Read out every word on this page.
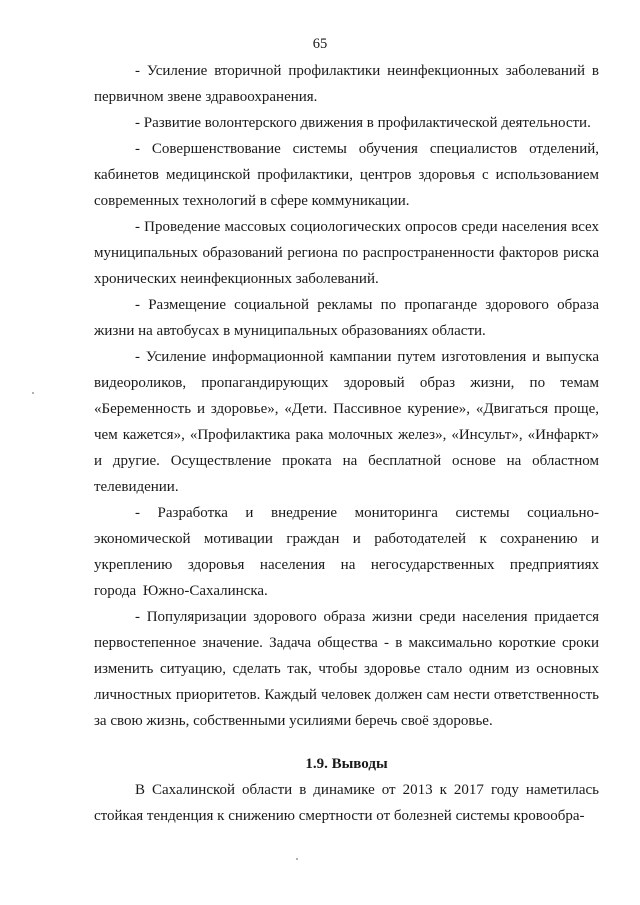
65

- Усиление вторичной профилактики неинфекционных заболеваний в первичном звене здравоохранения.

- Развитие волонтерского движения в профилактической деятельности.

- Совершенствование системы обучения специалистов отделений, кабинетов медицинской профилактики, центров здоровья с использованием современных технологий в сфере коммуникации.

- Проведение массовых социологических опросов среди населения всех муниципальных образований региона по распространенности факторов риска хронических неинфекционных заболеваний.

- Размещение социальной рекламы по пропаганде здорового образа жизни на автобусах в муниципальных образованиях области.

- Усиление информационной кампании путем изготовления и выпуска видеороликов, пропагандирующих здоровый образ жизни, по темам «Беременность и здоровье», «Дети. Пассивное курение», «Двигаться проще, чем кажется», «Профилактика рака молочных желез», «Инсульт», «Инфаркт» и другие. Осуществление проката на бесплатной основе на областном телевидении.

- Разработка и внедрение мониторинга системы социально-экономической мотивации граждан и работодателей к сохранению и укреплению здоровья населения на негосударственных предприятиях города Южно-Сахалинска.

- Популяризации здорового образа жизни среди населения придается первостепенное значение. Задача общества - в максимально короткие сроки изменить ситуацию, сделать так, чтобы здоровье стало одним из основных личностных приоритетов. Каждый человек должен сам нести ответственность за свою жизнь, собственными усилиями беречь своё здоровье.

1.9. Выводы

В Сахалинской области в динамике от 2013 к 2017 году наметилась стойкая тенденция к снижению смертности от болезней системы кровообра-
